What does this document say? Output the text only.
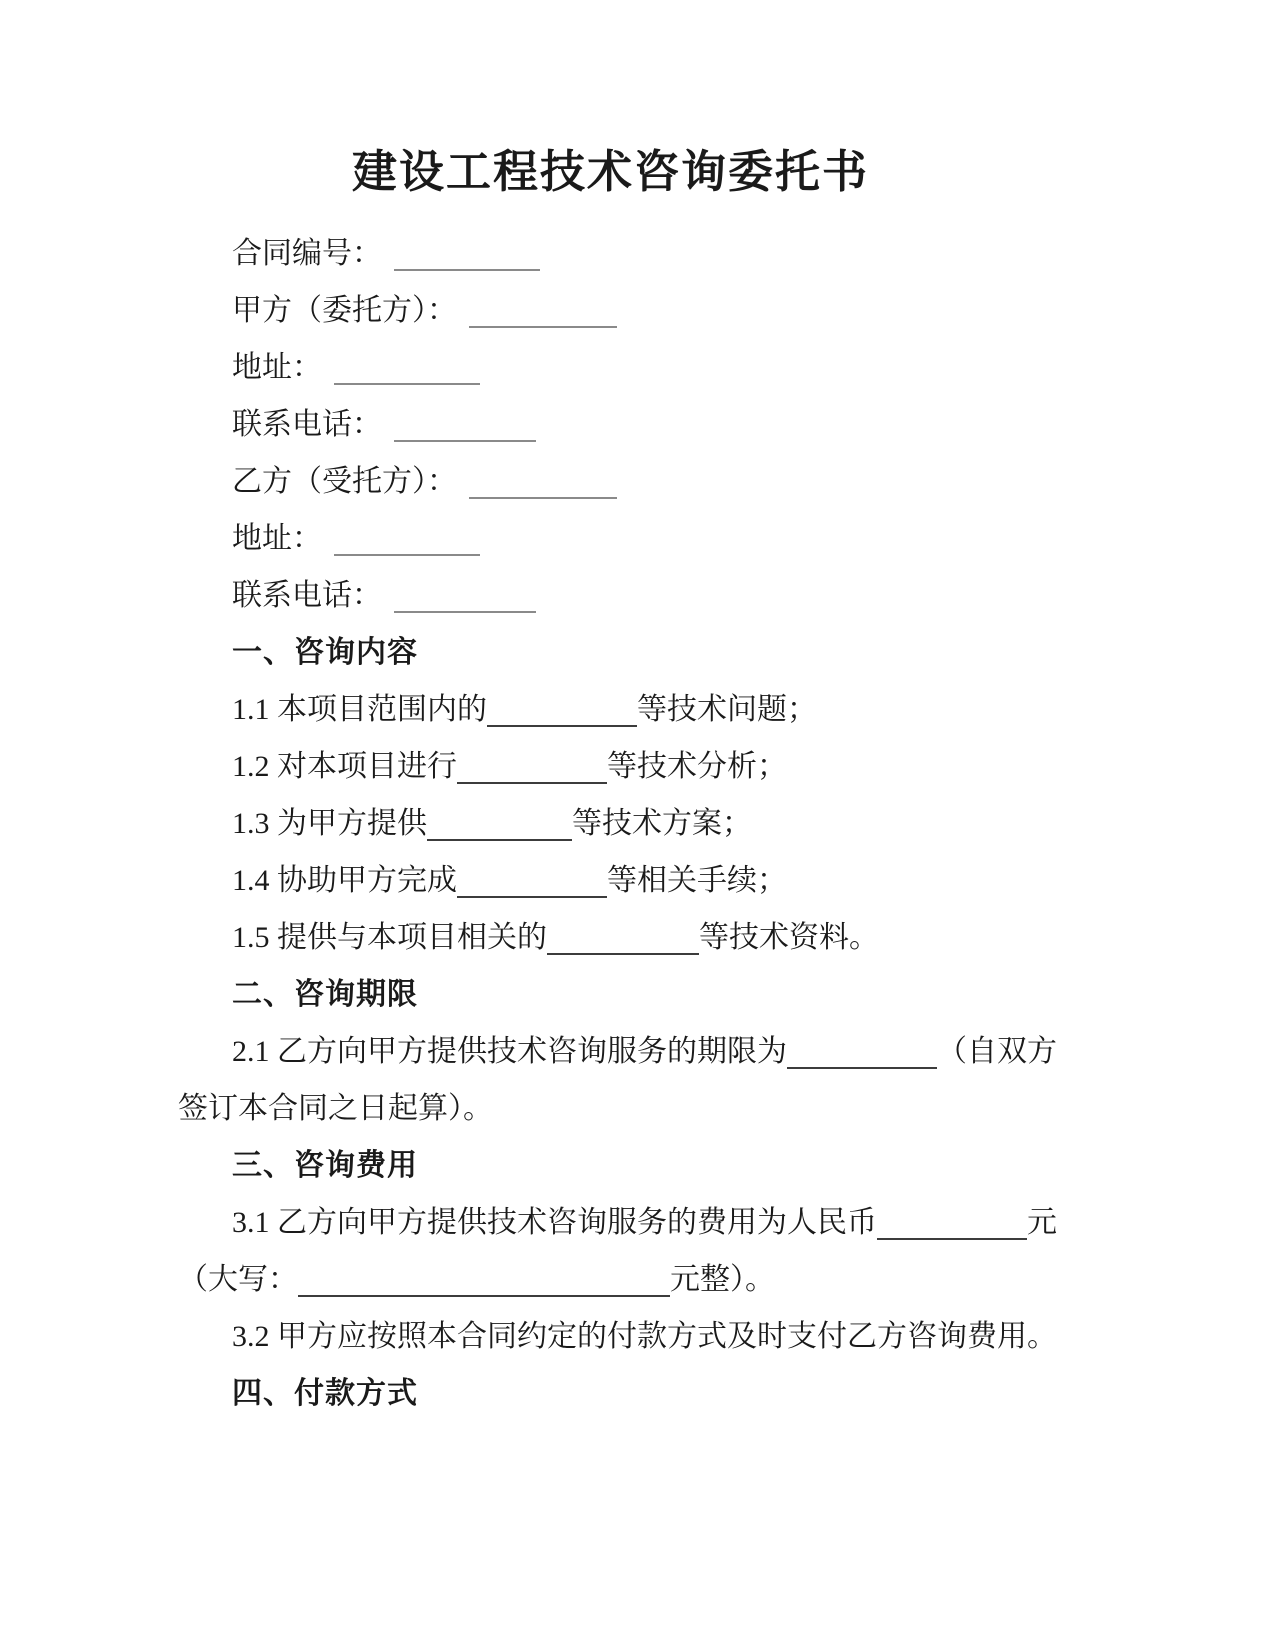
建设工程技术咨询委托书
合同编号：
甲方（委托方）：
地址：
联系电话：
乙方（受托方）：
地址：
联系电话：
一、咨询内容
1.1 本项目范围内的	等技术问题；
1.2 对本项目进行	等技术分析；
1.3 为甲方提供	等技术方案；
1.4 协助甲方完成	等相关手续；
1.5 提供与本项目相关的	等技术资料。
二、咨询期限
2.1 乙方向甲方提供技术咨询服务的期限为	（自双方
签订本合同之日起算）。
三、咨询费用
3.1 乙方向甲方提供技术咨询服务的费用为人民币	元
（大写：	元整）。
3.2 甲方应按照本合同约定的付款方式及时支付乙方咨询费用。
四、付款方式
